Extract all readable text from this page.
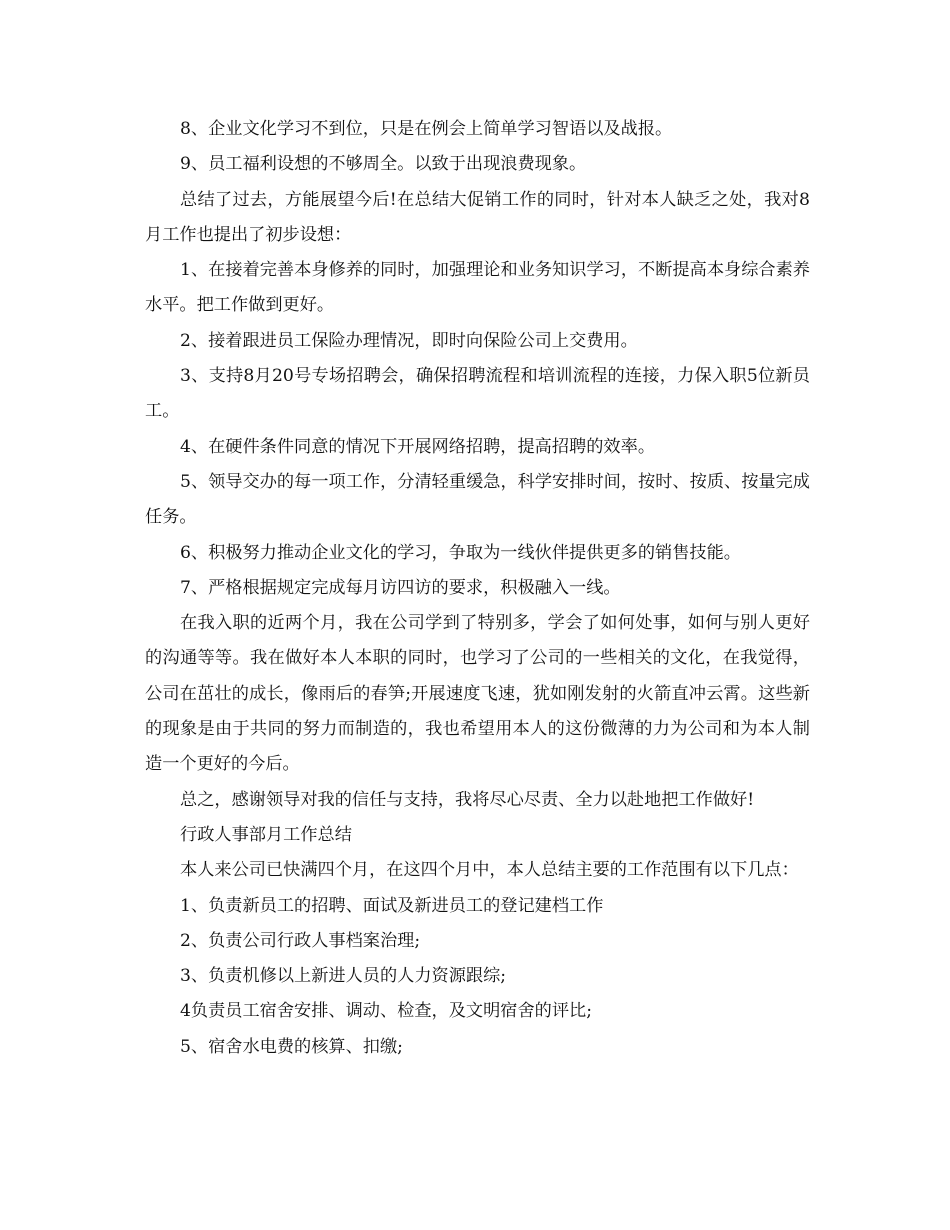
8、企业文化学习不到位，只是在例会上简单学习智语以及战报。

9、员工福利设想的不够周全。以致于出现浪费现象。

总结了过去，方能展望今后!在总结大促销工作的同时，针对本人缺乏之处，我对8月工作也提出了初步设想：

1、在接着完善本身修养的同时，加强理论和业务知识学习，不断提高本身综合素养水平。把工作做到更好。

2、接着跟进员工保险办理情况，即时向保险公司上交费用。

3、支持8月20号专场招聘会，确保招聘流程和培训流程的连接，力保入职5位新员工。

4、在硬件条件同意的情况下开展网络招聘，提高招聘的效率。

5、领导交办的每一项工作，分清轻重缓急，科学安排时间，按时、按质、按量完成任务。

6、积极努力推动企业文化的学习，争取为一线伙伴提供更多的销售技能。

7、严格根据规定完成每月访四访的要求，积极融入一线。

在我入职的近两个月，我在公司学到了特别多，学会了如何处事，如何与别人更好的沟通等等。我在做好本人本职的同时，也学习了公司的一些相关的文化，在我觉得，公司在茁壮的成长，像雨后的春笋;开展速度飞速，犹如刚发射的火箭直冲云霄。这些新的现象是由于共同的努力而制造的，我也希望用本人的这份微薄的力为公司和为本人制造一个更好的今后。

总之，感谢领导对我的信任与支持，我将尽心尽责、全力以赴地把工作做好!

行政人事部月工作总结

本人来公司已快满四个月，在这四个月中，本人总结主要的工作范围有以下几点：

1、负责新员工的招聘、面试及新进员工的登记建档工作

2、负责公司行政人事档案治理;

3、负责机修以上新进人员的人力资源跟综;

4负责员工宿舍安排、调动、检查，及文明宿舍的评比;

5、宿舍水电费的核算、扣缴;
